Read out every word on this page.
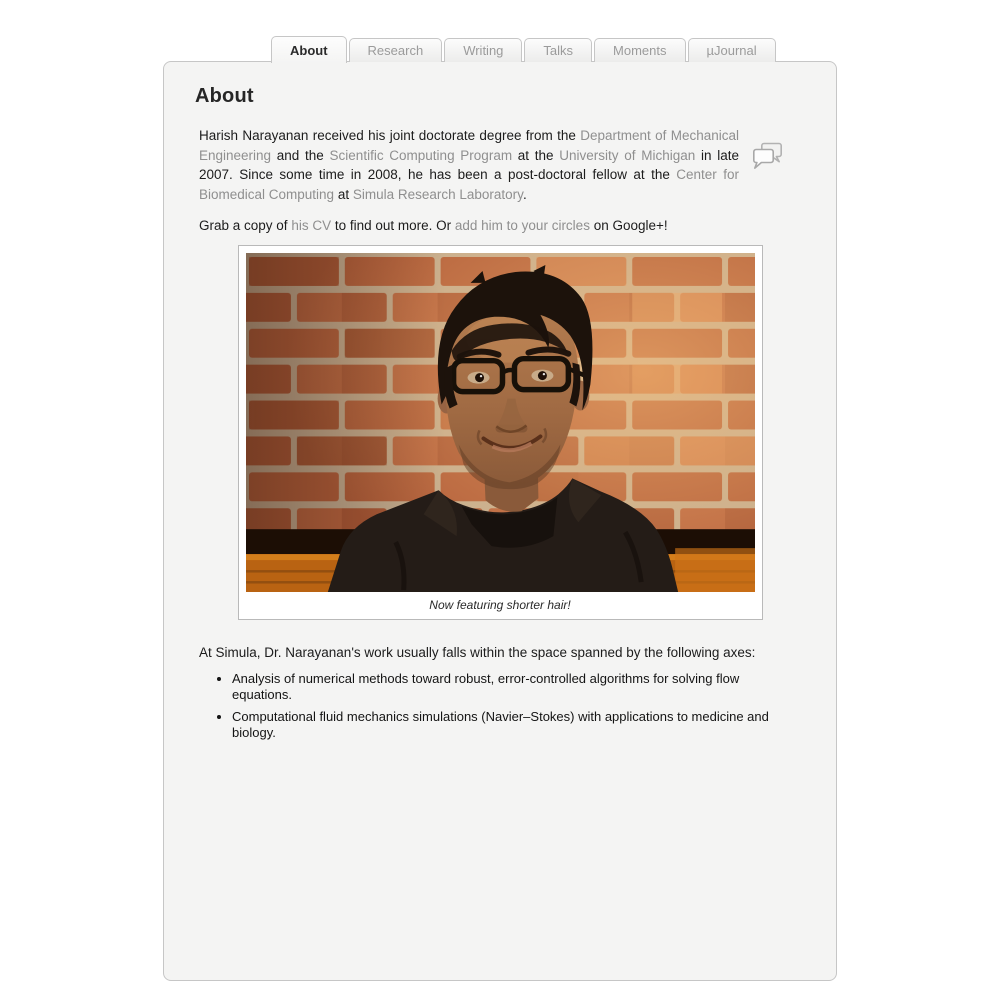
About	Research	Writing	Talks	Moments	µJournal
About

Harish Narayanan received his joint doctorate degree from the Department of Mechanical Engineering and the Scientific Computing Program at the University of Michigan in late 2007. Since some time in 2008, he has been a post-doctoral fellow at the Center for Biomedical Computing at Simula Research Laboratory.

Grab a copy of his CV to find out more. Or add him to your circles on Google+!

Now featuring shorter hair!

At Simula, Dr. Narayanan's work usually falls within the space spanned by the following axes:

• Analysis of numerical methods toward robust, error-controlled algorithms for solving flow equations.
• Computational fluid mechanics simulations (Navier–Stokes) with applications to medicine and biology.
